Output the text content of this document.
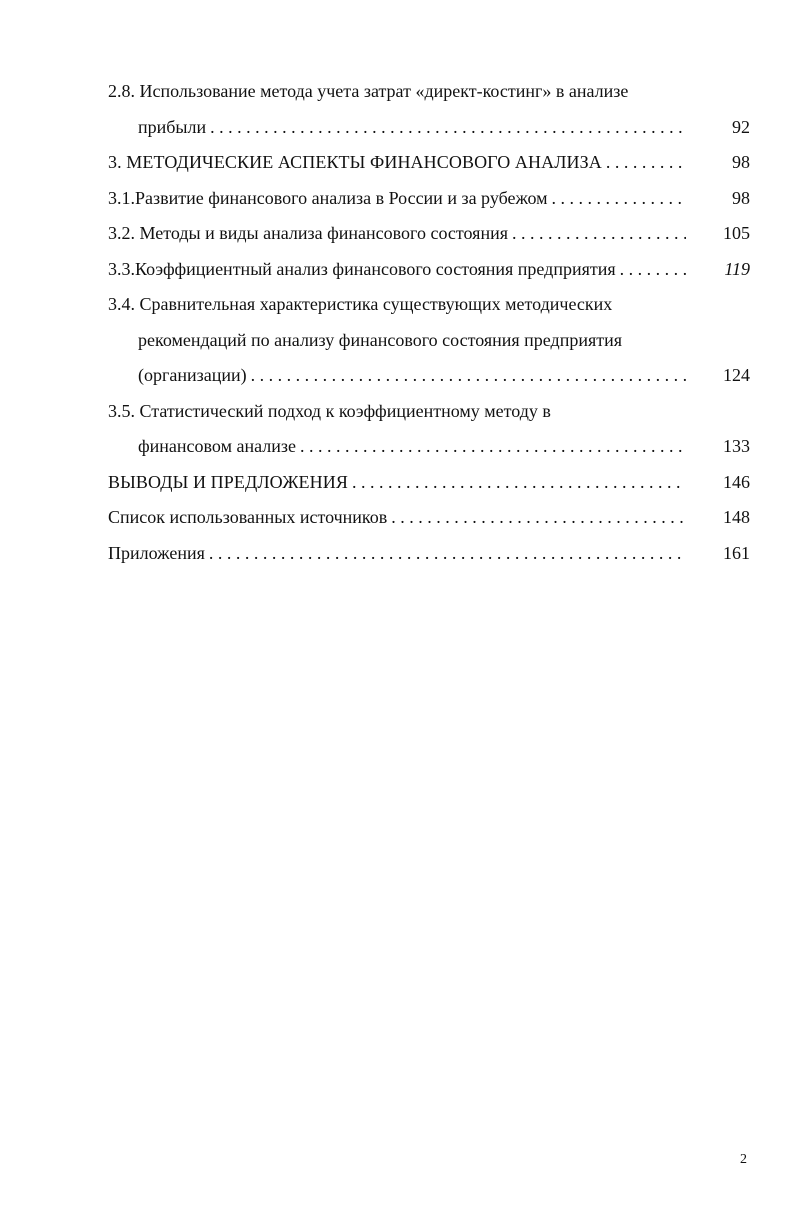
2.8. Использование метода учета затрат «директ-костинг» в анализе
прибыли . . .	92
3. МЕТОДИЧЕСКИЕ АСПЕКТЫ ФИНАНСОВОГО АНАЛИЗА . . .	98
3.1.Развитие финансового анализа в России и за рубежом . . .	98
3.2. Методы и виды анализа финансового состояния . . .	105
3.3.Коэффициентный анализ финансового состояния предприятия . . .	119
3.4. Сравнительная характеристика существующих методических
рекомендаций по анализу финансового состояния предприятия
(организации) . . .	124
3.5. Статистический подход к коэффициентному методу в
финансовом анализе . . .	133
ВЫВОДЫ И ПРЕДЛОЖЕНИЯ . . .	146
Список использованных источников . . .	148
Приложения . . .	161
2
